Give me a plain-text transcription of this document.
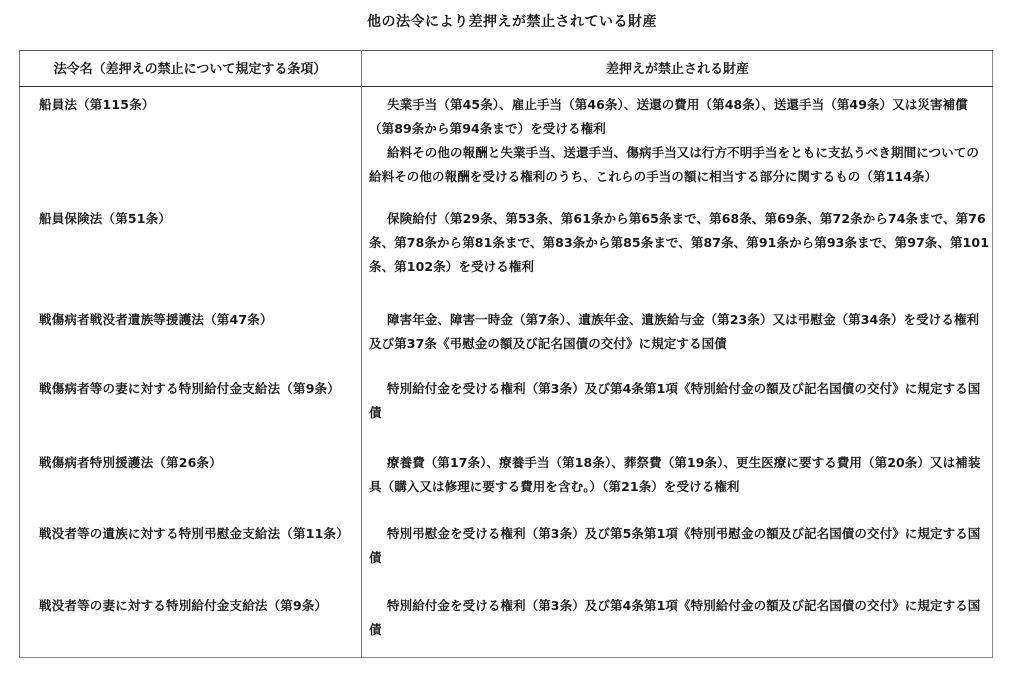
他の法令により差押えが禁止されている財産
法令名（差押えの禁止について規定する条項）	差押えが禁止される財産
船員法（第115条）	失業手当（第45条）、雇止手当（第46条）、送還の費用（第48条）、送還手当（第49条）又は災害補償（第89条から第94条まで）を受ける権利

給料その他の報酬と失業手当、送還手当、傷病手当又は行方不明手当をともに支払うべき期間についての給料その他の報酬を受ける権利のうち、これらの手当の額に相当する部分に関するもの（第114条）

船員保険法（第51条）	保険給付（第29条、第53条、第61条から第65条まで、第68条、第69条、第72条から74条まで、第76条、第78条から第81条まで、第83条から第85条まで、第87条、第91条から第93条まで、第97条、第101条、第102条）を受ける権利

戦傷病者戦没者遺族等援護法（第47条）	障害年金、障害一時金（第7条）、遺族年金、遺族給与金（第23条）又は弔慰金（第34条）を受ける権利及び第37条《弔慰金の額及び記名国債の交付》に規定する国債

戦傷病者等の妻に対する特別給付金支給法（第9条）	特別給付金を受ける権利（第3条）及び第4条第1項《特別給付金の額及び記名国債の交付》に規定する国債

戦傷病者特別援護法（第26条）	療養費（第17条）、療養手当（第18条）、葬祭費（第19条）、更生医療に要する費用（第20条）又は補装具（購入又は修理に要する費用を含む。）（第21条）を受ける権利

戦没者等の遺族に対する特別弔慰金支給法（第11条）	特別弔慰金を受ける権利（第3条）及び第5条第1項《特別弔慰金の額及び記名国債の交付》に規定する国債

戦没者等の妻に対する特別給付金支給法（第9条）	特別給付金を受ける権利（第3条）及び第4条第1項《特別給付金の額及び記名国債の交付》に規定する国債
